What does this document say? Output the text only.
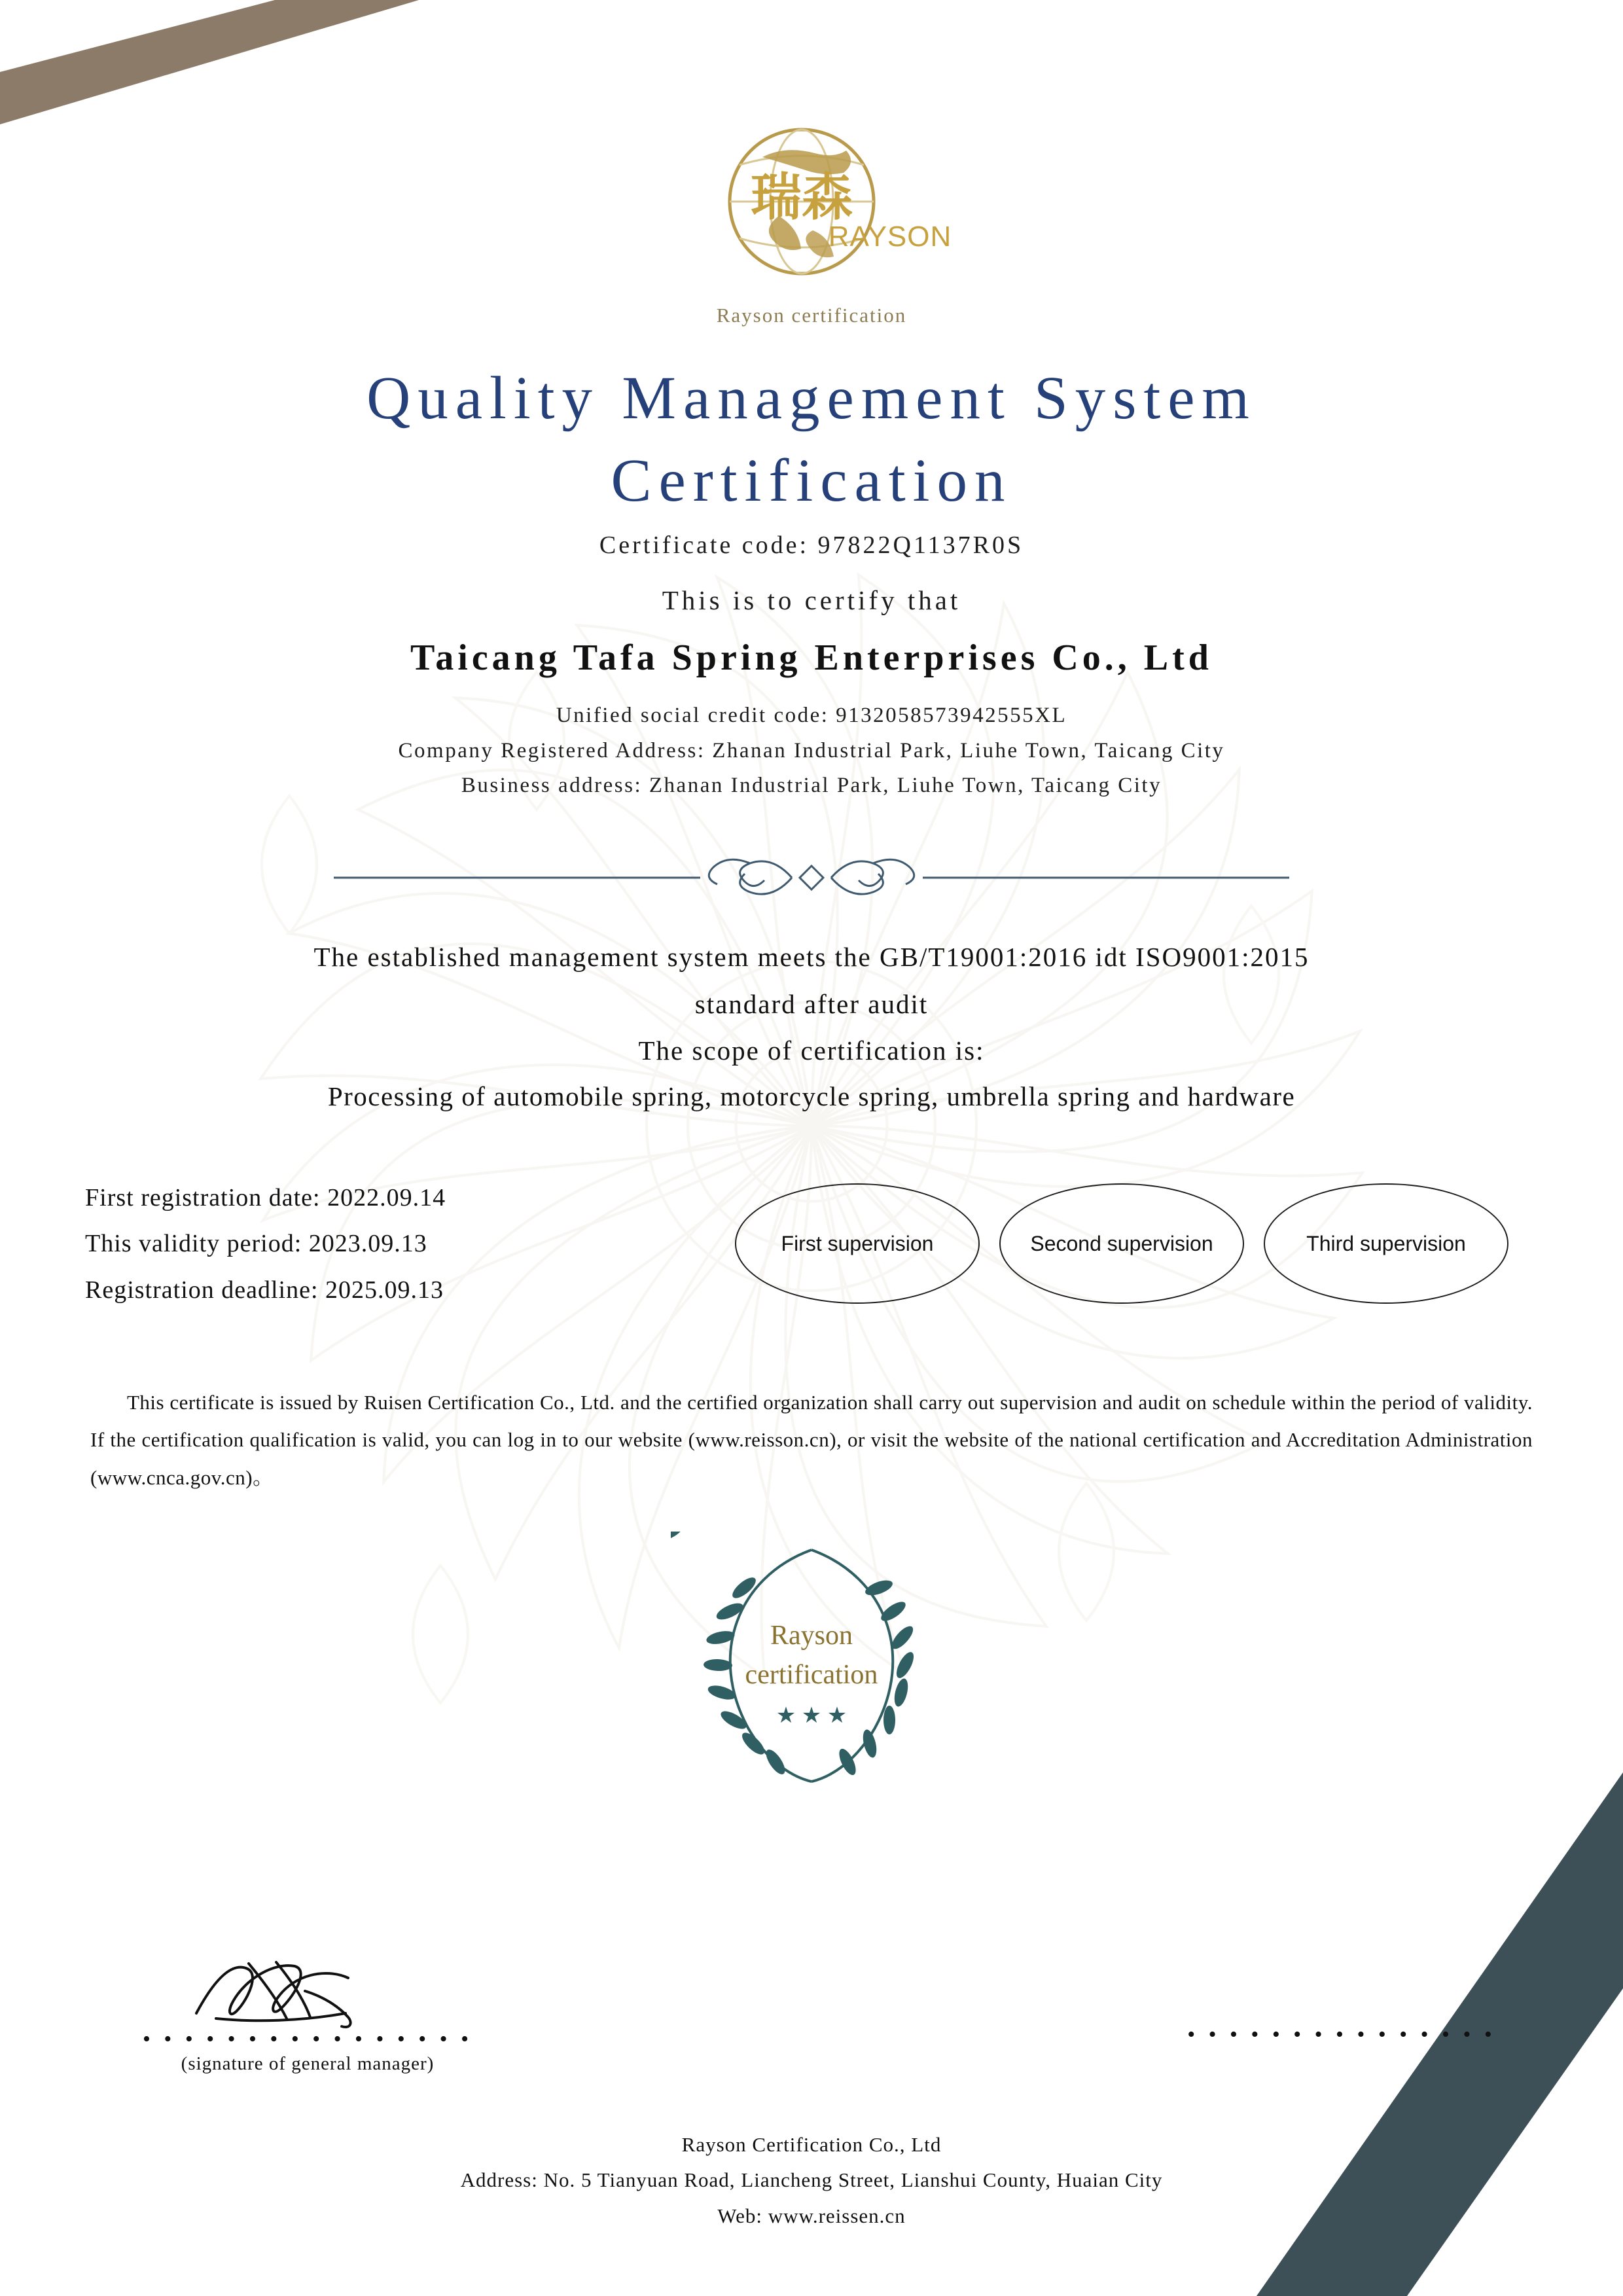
瑞森
RAYSON
Rayson certification
Quality Management System
Certification
Certificate code: 97822Q1137R0S
This is to certify that
Taicang Tafa Spring Enterprises Co., Ltd
Unified social credit code: 9132058573942555XL
Company Registered Address: Zhanan Industrial Park, Liuhe Town, Taicang City
Business address: Zhanan Industrial Park, Liuhe Town, Taicang City
The established management system meets the GB/T19001:2016 idt ISO9001:2015
standard after audit
The scope of certification is:
Processing of automobile spring, motorcycle spring, umbrella spring and hardware
First registration date: 2022.09.14
This validity period: 2023.09.13
Registration deadline: 2025.09.13
First supervision	Second supervision	Third supervision
This certificate is issued by Ruisen Certification Co., Ltd. and the certified organization shall carry out supervision and audit on schedule within the period of validity. If the certification qualification is valid, you can log in to our website (www.reisson.cn), or visit the website of the national certification and Accreditation Administration (www.cnca.gov.cn)。
Rayson
certification
★ ★ ★
• • • • • • • • • • • • • • • •
(signature of general manager)
• • • • • • • • • • • • • • •
Rayson Certification Co., Ltd
Address: No. 5 Tianyuan Road, Liancheng Street, Lianshui County, Huaian City
Web: www.reissen.cn
